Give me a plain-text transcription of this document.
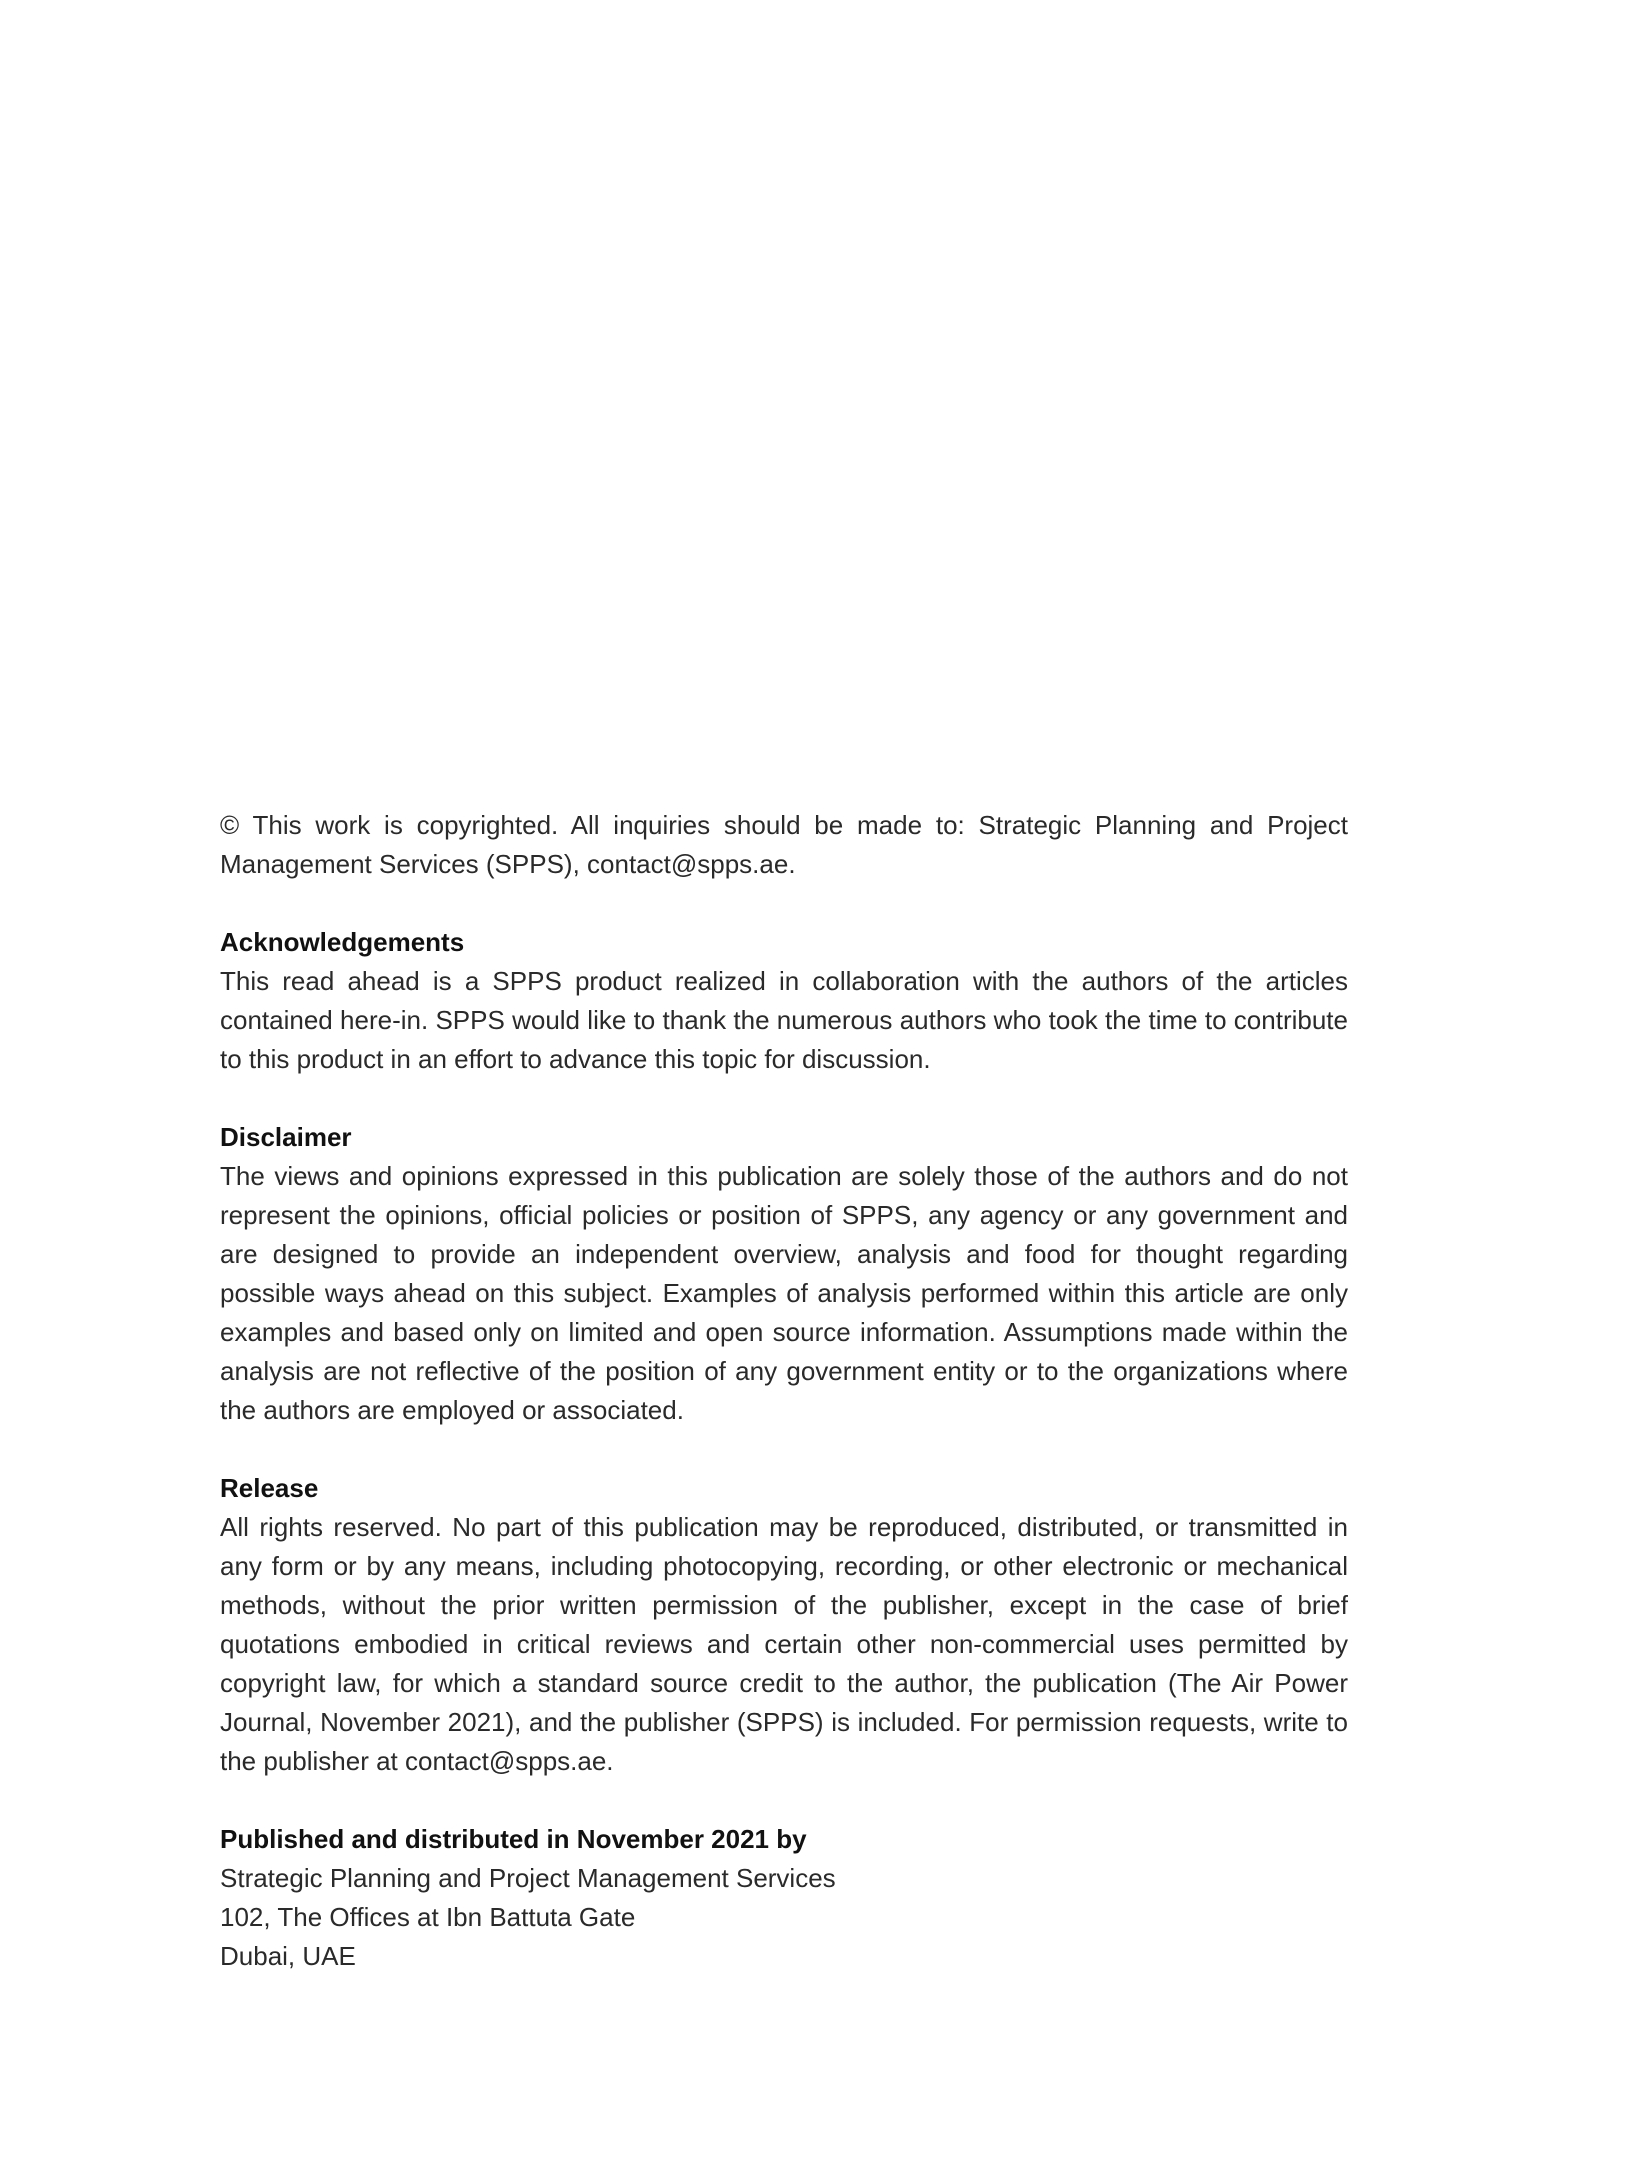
© This work is copyrighted. All inquiries should be made to: Strategic Planning and Project Management Services (SPPS), contact@spps.ae.

Acknowledgements

This read ahead is a SPPS product realized in collaboration with the authors of the articles contained here-in. SPPS would like to thank the numerous authors who took the time to contribute to this product in an effort to advance this topic for discussion.

Disclaimer

The views and opinions expressed in this publication are solely those of the authors and do not represent the opinions, official policies or position of SPPS, any agency or any government and are designed to provide an independent overview, analysis and food for thought regarding possible ways ahead on this subject. Examples of analysis performed within this article are only examples and based only on limited and open source information. Assumptions made within the analysis are not reflective of the position of any government entity or to the organizations where the authors are employed or associated.

Release

All rights reserved. No part of this publication may be reproduced, distributed, or transmitted in any form or by any means, including photocopying, recording, or other electronic or mechanical methods, without the prior written permission of the publisher, except in the case of brief quotations embodied in critical reviews and certain other non-commercial uses permitted by copyright law, for which a standard source credit to the author, the publication (The Air Power Journal, November 2021), and the publisher (SPPS) is included. For permission requests, write to the publisher at contact@spps.ae.

Published and distributed in November 2021 by
Strategic Planning and Project Management Services
102, The Offices at Ibn Battuta Gate
Dubai, UAE
